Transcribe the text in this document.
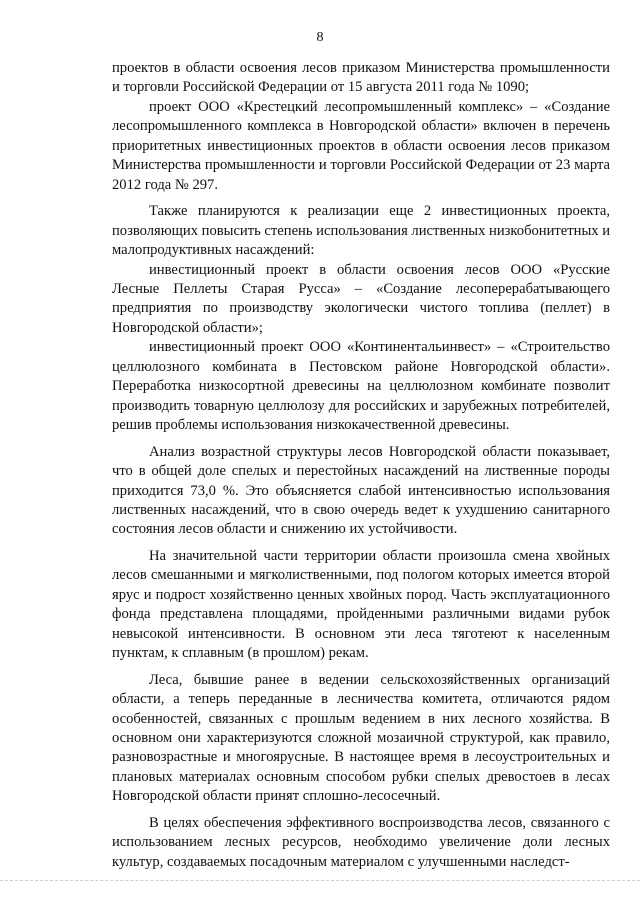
8

проектов в области освоения лесов приказом Министерства промышленности и торговли Российской Федерации от 15 августа 2011 года № 1090;

проект ООО «Крестецкий лесопромышленный комплекс» – «Создание лесопромышленного комплекса в Новгородской области» включен в перечень приоритетных инвестиционных проектов в области освоения лесов приказом Министерства промышленности и торговли Российской Федерации от 23 марта 2012 года № 297.

Также планируются к реализации еще 2 инвестиционных проекта, позволяющих повысить степень использования лиственных низкобонитетных и малопродуктивных насаждений:

инвестиционный проект в области освоения лесов ООО «Русские Лесные Пеллеты Старая Русса» – «Создание лесоперерабатывающего предприятия по производству экологически чистого топлива (пеллет) в Новгородской области»;

инвестиционный проект ООО «Континентальинвест» – «Строительство целлюлозного комбината в Пестовском районе Новгородской области». Переработка низкосортной древесины на целлюлозном комбинате позволит производить товарную целлюлозу для российских и зарубежных потребителей, решив проблемы использования низкокачественной древесины.

Анализ возрастной структуры лесов Новгородской области показывает, что в общей доле спелых и перестойных насаждений на лиственные породы приходится 73,0 %. Это объясняется слабой интенсивностью использования лиственных насаждений, что в свою очередь ведет к ухудшению санитарного состояния лесов области и снижению их устойчивости.

На значительной части территории области произошла смена хвойных лесов смешанными и мягколиственными, под пологом которых имеется второй ярус и подрост хозяйственно ценных хвойных пород. Часть эксплуатационного фонда представлена площадями, пройденными различными видами рубок невысокой интенсивности. В основном эти леса тяготеют к населенным пунктам, к сплавным (в прошлом) рекам.

Леса, бывшие ранее в ведении сельскохозяйственных организаций области, а теперь переданные в лесничества комитета, отличаются рядом особенностей, связанных с прошлым ведением в них лесного хозяйства. В основном они характеризуются сложной мозаичной структурой, как правило, разновозрастные и многоярусные. В настоящее время в лесоустроительных и плановых материалах основным способом рубки спелых древостоев в лесах Новгородской области принят сплошно-лесосечный.

В целях обеспечения эффективного воспроизводства лесов, связанного с использованием лесных ресурсов, необходимо увеличение доли лесных культур, создаваемых посадочным материалом с улучшенными наследст-
